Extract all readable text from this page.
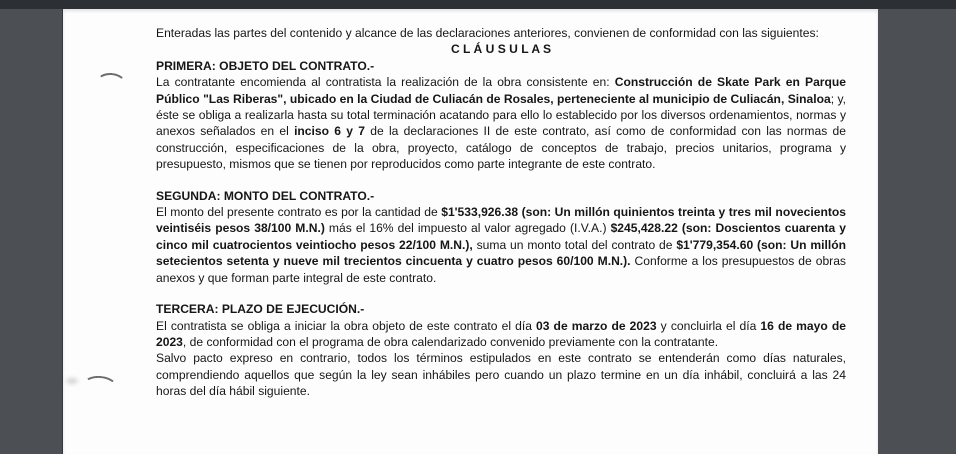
Enteradas las partes del contenido y alcance de las declaraciones anteriores, convienen de conformidad con las siguientes:

C L Á U S U L A S
PRIMERA: OBJETO DEL CONTRATO.-

La contratante encomienda al contratista la realización de la obra consistente en: Construcción de Skate Park en Parque Público "Las Riberas", ubicado en la Ciudad de Culiacán de Rosales, perteneciente al municipio de Culiacán, Sinaloa; y, éste se obliga a realizarla hasta su total terminación acatando para ello lo establecido por los diversos ordenamientos, normas y anexos señalados en el inciso 6 y 7 de la declaraciones II de este contrato, así como de conformidad con las normas de construcción, especificaciones de la obra, proyecto, catálogo de conceptos de trabajo, precios unitarios, programa y presupuesto, mismos que se tienen por reproducidos como parte integrante de este contrato.

SEGUNDA: MONTO DEL CONTRATO.-

El monto del presente contrato es por la cantidad de $1'533,926.38 (son: Un millón quinientos treinta y tres mil novecientos veintiséis pesos 38/100 M.N.) más el 16% del impuesto al valor agregado (I.V.A.) $245,428.22 (son: Doscientos cuarenta y cinco mil cuatrocientos veintiocho pesos 22/100 M.N.), suma un monto total del contrato de $1'779,354.60 (son: Un millón setecientos setenta y nueve mil trecientos cincuenta y cuatro pesos 60/100 M.N.). Conforme a los presupuestos de obras anexos y que forman parte integral de este contrato.

TERCERA: PLAZO DE EJECUCIÓN.-

El contratista se obliga a iniciar la obra objeto de este contrato el día 03 de marzo de 2023 y concluirla el día 16 de mayo de 2023, de conformidad con el programa de obra calendarizado convenido previamente con la contratante.

Salvo pacto expreso en contrario, todos los términos estipulados en este contrato se entenderán como días naturales, comprendiendo aquellos que según la ley sean inhábiles pero cuando un plazo termine en un día inhábil, concluirá a las 24 horas del día hábil siguiente.
